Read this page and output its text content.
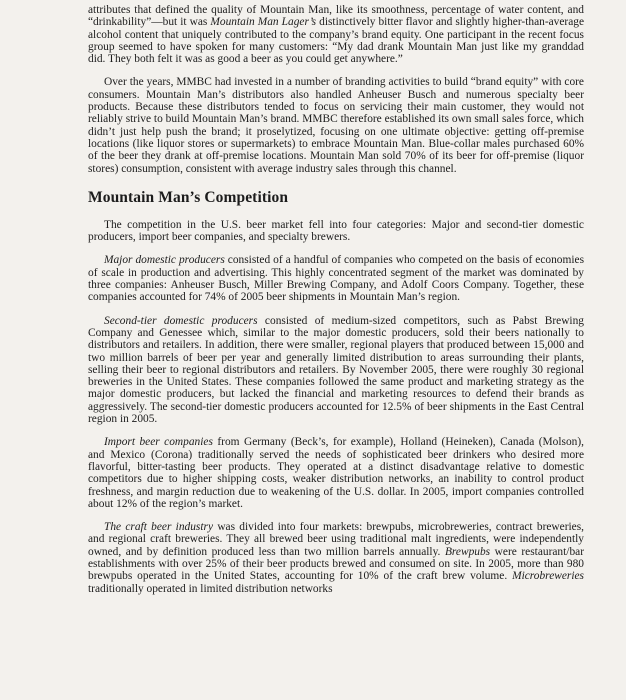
attributes that defined the quality of Mountain Man, like its smoothness, percentage of water content, and “drinkability”—but it was Mountain Man Lager’s distinctively bitter flavor and slightly higher-than-average alcohol content that uniquely contributed to the company’s brand equity. One participant in the recent focus group seemed to have spoken for many customers: “My dad drank Mountain Man just like my granddad did. They both felt it was as good a beer as you could get anywhere.”

Over the years, MMBC had invested in a number of branding activities to build “brand equity” with core consumers. Mountain Man’s distributors also handled Anheuser Busch and numerous specialty beer products. Because these distributors tended to focus on servicing their main customer, they would not reliably strive to build Mountain Man’s brand. MMBC therefore established its own small sales force, which didn’t just help push the brand; it proselytized, focusing on one ultimate objective: getting off-premise locations (like liquor stores or supermarkets) to embrace Mountain Man. Blue-collar males purchased 60% of the beer they drank at off-premise locations. Mountain Man sold 70% of its beer for off-premise (liquor stores) consumption, consistent with average industry sales through this channel.

Mountain Man’s Competition

The competition in the U.S. beer market fell into four categories: Major and second-tier domestic producers, import beer companies, and specialty brewers.

Major domestic producers consisted of a handful of companies who competed on the basis of economies of scale in production and advertising. This highly concentrated segment of the market was dominated by three companies: Anheuser Busch, Miller Brewing Company, and Adolf Coors Company. Together, these companies accounted for 74% of 2005 beer shipments in Mountain Man’s region.

Second-tier domestic producers consisted of medium-sized competitors, such as Pabst Brewing Company and Genessee which, similar to the major domestic producers, sold their beers nationally to distributors and retailers. In addition, there were smaller, regional players that produced between 15,000 and two million barrels of beer per year and generally limited distribution to areas surrounding their plants, selling their beer to regional distributors and retailers. By November 2005, there were roughly 30 regional breweries in the United States. These companies followed the same product and marketing strategy as the major domestic producers, but lacked the financial and marketing resources to defend their brands as aggressively. The second-tier domestic producers accounted for 12.5% of beer shipments in the East Central region in 2005.

Import beer companies from Germany (Beck’s, for example), Holland (Heineken), Canada (Molson), and Mexico (Corona) traditionally served the needs of sophisticated beer drinkers who desired more flavorful, bitter-tasting beer products. They operated at a distinct disadvantage relative to domestic competitors due to higher shipping costs, weaker distribution networks, an inability to control product freshness, and margin reduction due to weakening of the U.S. dollar. In 2005, import companies controlled about 12% of the region’s market.

The craft beer industry was divided into four markets: brewpubs, microbreweries, contract breweries, and regional craft breweries. They all brewed beer using traditional malt ingredients, were independently owned, and by definition produced less than two million barrels annually. Brewpubs were restaurant/bar establishments with over 25% of their beer products brewed and consumed on site. In 2005, more than 980 brewpubs operated in the United States, accounting for 10% of the craft brew volume. Microbreweries traditionally operated in limited distribution networks
